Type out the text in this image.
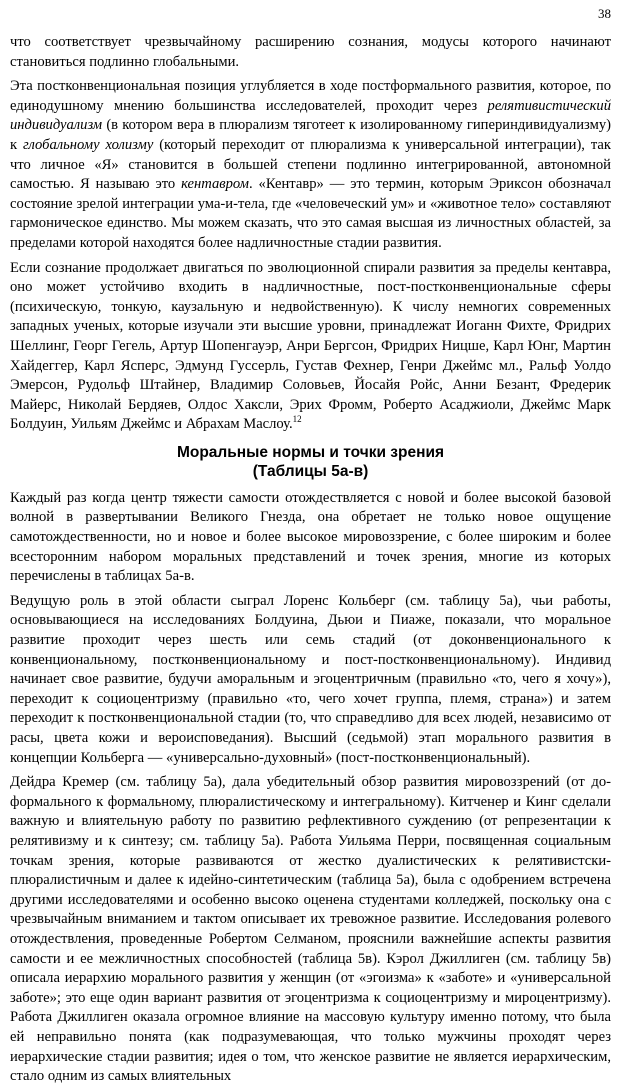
38

что соответствует чрезвычайному расширению сознания, модусы которого начинают становиться подлинно глобальными.

Эта постконвенциональная позиция углубляется в ходе постформального развития, которое, по единодушному мнению большинства исследователей, проходит через релятивистический индивидуализм (в котором вера в плюрализм тяготеет к изолированному гипериндивидуализму) к глобальному холизму (который переходит от плюрализма к универсальной интеграции), так что личное «Я» становится в большей степени подлинно интегрированной, автономной самостью. Я называю это кентавром. «Кентавр» — это термин, которым Эриксон обозначал состояние зрелой интеграции ума-и-тела, где «человеческий ум» и «животное тело» составляют гармоническое единство. Мы можем сказать, что это самая высшая из личностных областей, за пределами которой находятся более надличностные стадии развития.

Если сознание продолжает двигаться по эволюционной спирали развития за пределы кентавра, оно может устойчиво входить в надличностные, пост-постконвенциональные сферы (психическую, тонкую, каузальную и недвойственную). К числу немногих современных западных ученых, которые изучали эти высшие уровни, принадлежат Иоганн Фихте, Фридрих Шеллинг, Георг Гегель, Артур Шопенгауэр, Анри Бергсон, Фридрих Ницше, Карл Юнг, Мартин Хайдеггер, Карл Ясперс, Эдмунд Гуссерль, Густав Фехнер, Генри Джеймс мл., Ральф Уолдо Эмерсон, Рудольф Штайнер, Владимир Соловьев, Йосайя Ройс, Анни Безант, Фредерик Майерс, Николай Бердяев, Олдос Хаксли, Эрих Фромм, Роберто Асаджиоли, Джеймс Марк Болдуин, Уильям Джеймс и Абрахам Маслоу.$^{12}$

Моральные нормы и точки зрения
(Таблицы 5а-в)

Каждый раз когда центр тяжести самости отождествляется с новой и более высокой базовой волной в развертывании Великого Гнезда, она обретает не только новое ощущение самотождественности, но и новое и более высокое мировоззрение, с более широким и более всесторонним набором моральных представлений и точек зрения, многие из которых перечислены в таблицах 5а-в.

Ведущую роль в этой области сыграл Лоренс Кольберг (см. таблицу 5а), чьи работы, основывающиеся на исследованиях Болдуина, Дьюи и Пиаже, показали, что моральное развитие проходит через шесть или семь стадий (от доконвенционального к конвенциональному, постконвенциональному и пост-постконвенциональному). Индивид начинает свое развитие, будучи аморальным и эгоцентричным (правильно «то, чего я хочу»), переходит к социоцентризму (правильно «то, чего хочет группа, племя, страна») и затем переходит к постконвенциональной стадии (то, что справедливо для всех людей, независимо от расы, цвета кожи и вероисповедания). Высший (седьмой) этап морального развития в концепции Кольберга — «универсально-духовный» (пост-постконвенциональный).

Дейдра Кремер (см. таблицу 5а), дала убедительный обзор развития мировоззрений (от до-формального к формальному, плюралистическому и интегральному). Китченер и Кинг сделали важную и влиятельную работу по развитию рефлективного суждению (от репрезентации к релятивизму и к синтезу; см. таблицу 5а). Работа Уильяма Перри, посвященная социальным точкам зрения, которые развиваются от жестко дуалистических к релятивистски-плюралистичным и далее к идейно-синтетическим (таблица 5а), была с одобрением встречена другими исследователями и особенно высоко оценена студентами колледжей, поскольку она с чрезвычайным вниманием и тактом описывает их тревожное развитие. Исследования ролевого отождествления, проведенные Робертом Селманом, прояснили важнейшие аспекты развития самости и ее межличностных способностей (таблица 5в). Кэрол Джиллиген (см. таблицу 5в) описала иерархию морального развития у женщин (от «эгоизма» к «заботе» и «универсальной заботе»; это еще один вариант развития от эгоцентризма к социоцентризму и мироцентризму). Работа Джиллиген оказала огромное влияние на массовую культуру именно потому, что была ей неправильно понята (как подразумевающая, что только мужчины проходят через иерархические стадии развития; идея о том, что женское развитие не является иерархическим, стало одним из самых влиятельных
